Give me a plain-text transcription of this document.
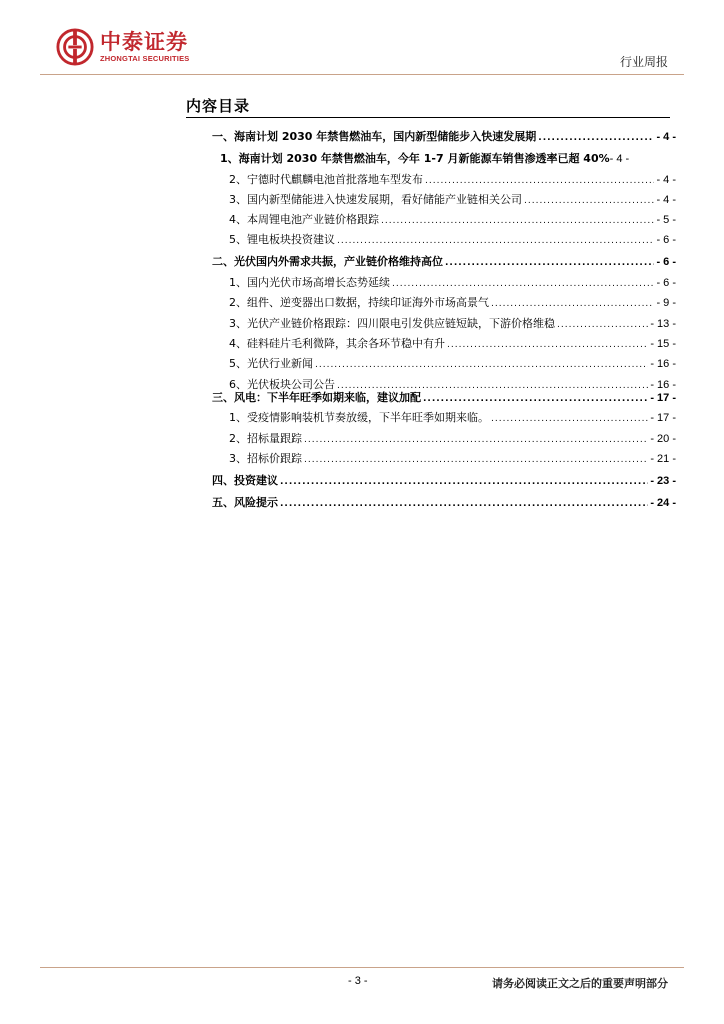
中泰证券
ZHONGTAI SECURITIES	行业周报
内容目录
一、海南计划 2030 年禁售燃油车，国内新型储能步入快速发展期 .....	- 4 -
1、海南计划 2030 年禁售燃油车，今年 1-7 月新能源车销售渗透率已超 40% - 4 -
2、宁德时代麒麟电池首批落地车型发布 .....	- 4 -
3、国内新型储能进入快速发展期，看好储能产业链相关公司 .....	- 4 -
4、本周锂电池产业链价格跟踪 .....	- 5 -
5、锂电板块投资建议 .....	- 6 -
二、光伏国内外需求共振，产业链价格维持高位 .....	- 6 -
1、国内光伏市场高增长态势延续 .....	- 6 -
2、组件、逆变器出口数据，持续印证海外市场高景气 .....	- 9 -
3、光伏产业链价格跟踪：四川限电引发供应链短缺，下游价格维稳 .....	- 13 -
4、硅料硅片毛利微降，其余各环节稳中有升 .....	- 15 -
5、光伏行业新闻 .....	- 16 -
6、光伏板块公司公告 .....	- 16 -
三、风电：下半年旺季如期来临，建议加配 .....	- 17 -
1、受疫情影响装机节奏放缓，下半年旺季如期来临。 .....	- 17 -
2、招标量跟踪 .....	- 20 -
3、招标价跟踪 .....	- 21 -
四、投资建议 .....	- 23 -
五、风险提示 .....	- 24 -
- 3 -	请务必阅读正文之后的重要声明部分
